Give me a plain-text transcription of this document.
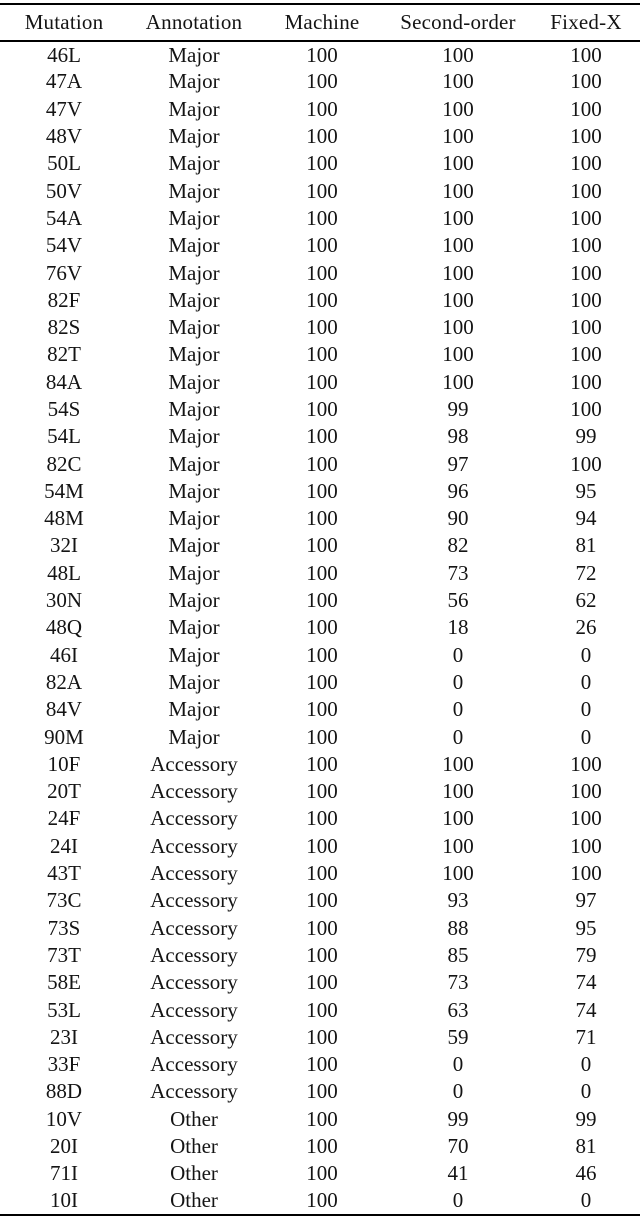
Mutation	Annotation	Machine	Second-order	Fixed-X
46L	Major	100	100	100
47A	Major	100	100	100
47V	Major	100	100	100
48V	Major	100	100	100
50L	Major	100	100	100
50V	Major	100	100	100
54A	Major	100	100	100
54V	Major	100	100	100
76V	Major	100	100	100
82F	Major	100	100	100
82S	Major	100	100	100
82T	Major	100	100	100
84A	Major	100	100	100
54S	Major	100	99	100
54L	Major	100	98	99
82C	Major	100	97	100
54M	Major	100	96	95
48M	Major	100	90	94
32I	Major	100	82	81
48L	Major	100	73	72
30N	Major	100	56	62
48Q	Major	100	18	26
46I	Major	100	0	0
82A	Major	100	0	0
84V	Major	100	0	0
90M	Major	100	0	0
10F	Accessory	100	100	100
20T	Accessory	100	100	100
24F	Accessory	100	100	100
24I	Accessory	100	100	100
43T	Accessory	100	100	100
73C	Accessory	100	93	97
73S	Accessory	100	88	95
73T	Accessory	100	85	79
58E	Accessory	100	73	74
53L	Accessory	100	63	74
23I	Accessory	100	59	71
33F	Accessory	100	0	0
88D	Accessory	100	0	0
10V	Other	100	99	99
20I	Other	100	70	81
71I	Other	100	41	46
10I	Other	100	0	0
